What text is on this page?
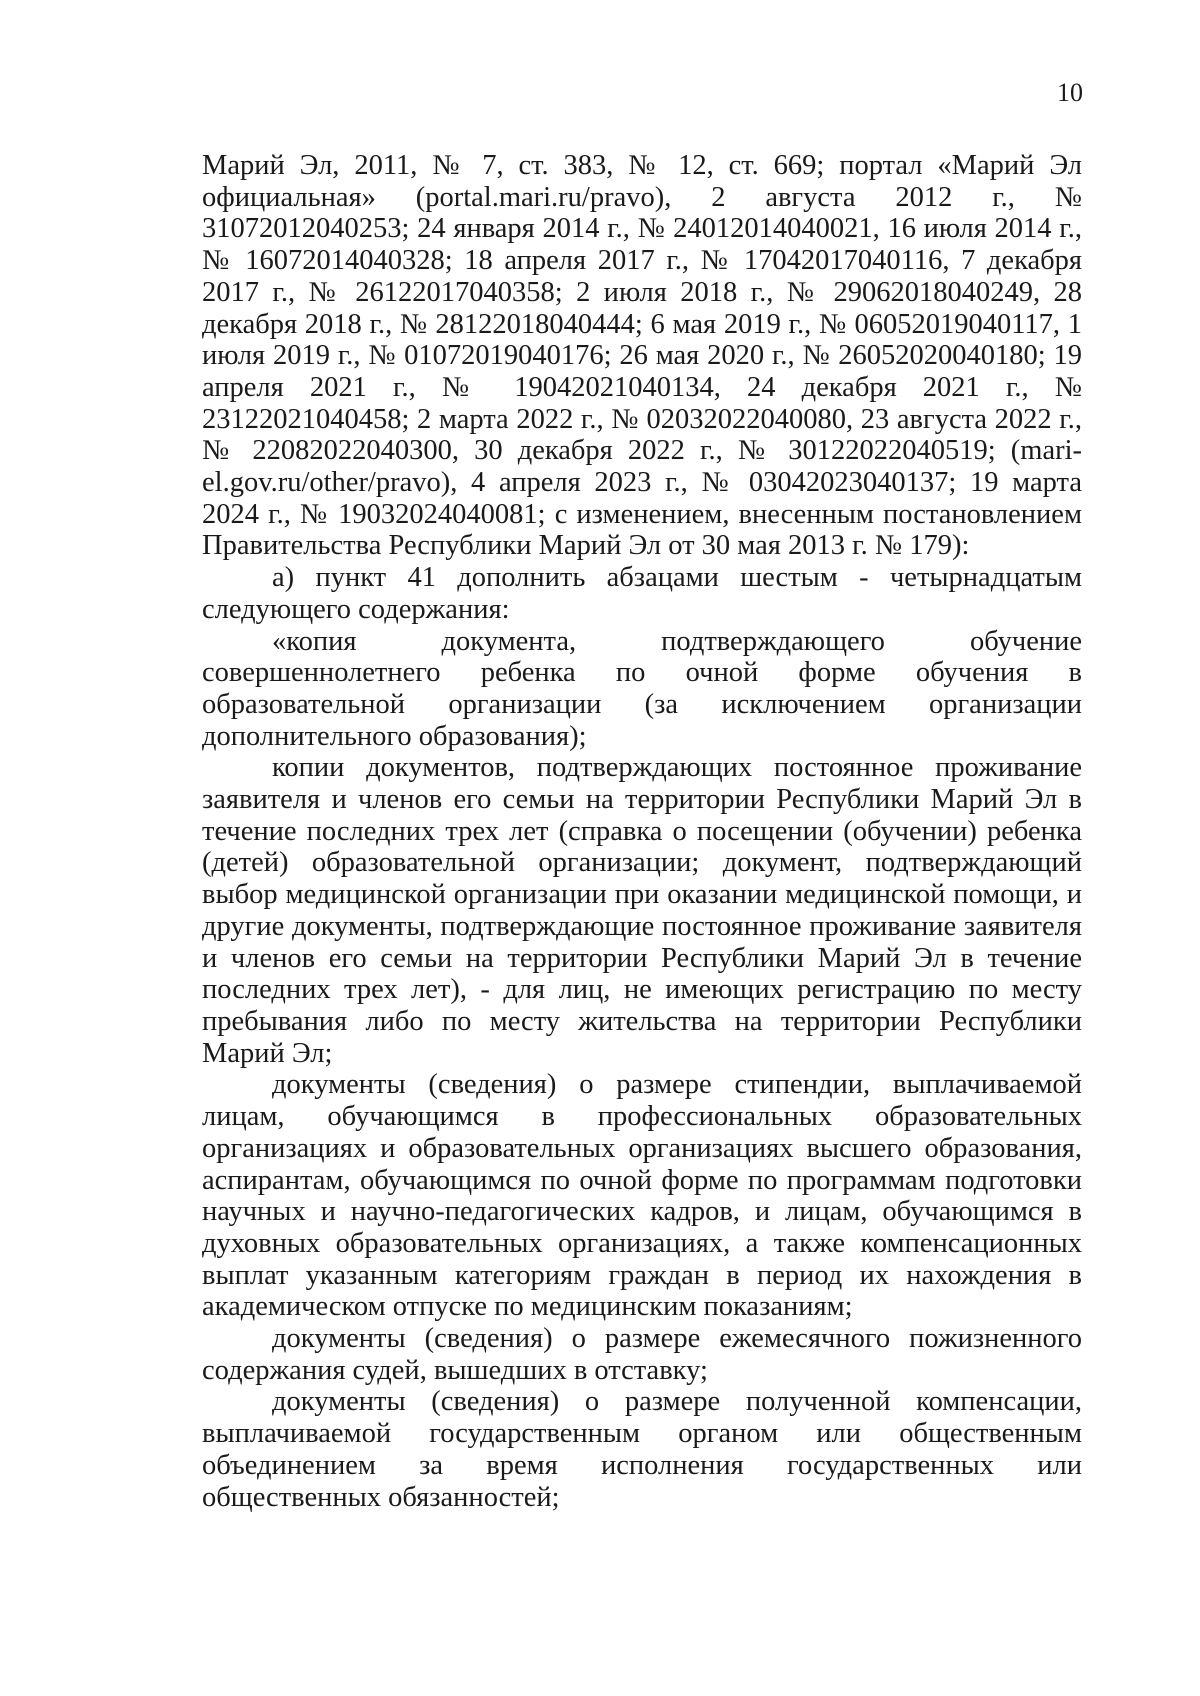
10

Марий Эл, 2011, № 7, ст. 383, № 12, ст. 669; портал «Марий Эл официальная» (portal.mari.ru/pravo), 2 августа 2012 г., № 31072012040253; 24 января 2014 г., № 24012014040021, 16 июля 2014 г., № 16072014040328; 18 апреля 2017 г., № 17042017040116, 7 декабря 2017 г., № 26122017040358; 2 июля 2018 г., № 29062018040249, 28 декабря 2018 г., № 28122018040444; 6 мая 2019 г., № 06052019040117, 1 июля 2019 г., № 01072019040176; 26 мая 2020 г., № 26052020040180; 19 апреля 2021 г., № 19042021040134, 24 декабря 2021 г., № 23122021040458; 2 марта 2022 г., № 02032022040080, 23 августа 2022 г., № 22082022040300, 30 декабря 2022 г., № 30122022040519; (mari-el.gov.ru/other/pravo), 4 апреля 2023 г., № 03042023040137; 19 марта 2024 г., № 19032024040081; с изменением, внесенным постановлением Правительства Республики Марий Эл от 30 мая 2013 г. № 179):

а) пункт 41 дополнить абзацами шестым - четырнадцатым следующего содержания:

«копия документа, подтверждающего обучение совершеннолетнего ребенка по очной форме обучения в образовательной организации (за исключением организации дополнительного образования);

копии документов, подтверждающих постоянное проживание заявителя и членов его семьи на территории Республики Марий Эл в течение последних трех лет (справка о посещении (обучении) ребенка (детей) образовательной организации; документ, подтверждающий выбор медицинской организации при оказании медицинской помощи, и другие документы, подтверждающие постоянное проживание заявителя и членов его семьи на территории Республики Марий Эл в течение последних трех лет), - для лиц, не имеющих регистрацию по месту пребывания либо по месту жительства на территории Республики Марий Эл;

документы (сведения) о размере стипендии, выплачиваемой лицам, обучающимся в профессиональных образовательных организациях и образовательных организациях высшего образования, аспирантам, обучающимся по очной форме по программам подготовки научных и научно-педагогических кадров, и лицам, обучающимся в духовных образовательных организациях, а также компенсационных выплат указанным категориям граждан в период их нахождения в академическом отпуске по медицинским показаниям;

документы (сведения) о размере ежемесячного пожизненного содержания судей, вышедших в отставку;

документы (сведения) о размере полученной компенсации, выплачиваемой государственным органом или общественным объединением за время исполнения государственных или общественных обязанностей;
